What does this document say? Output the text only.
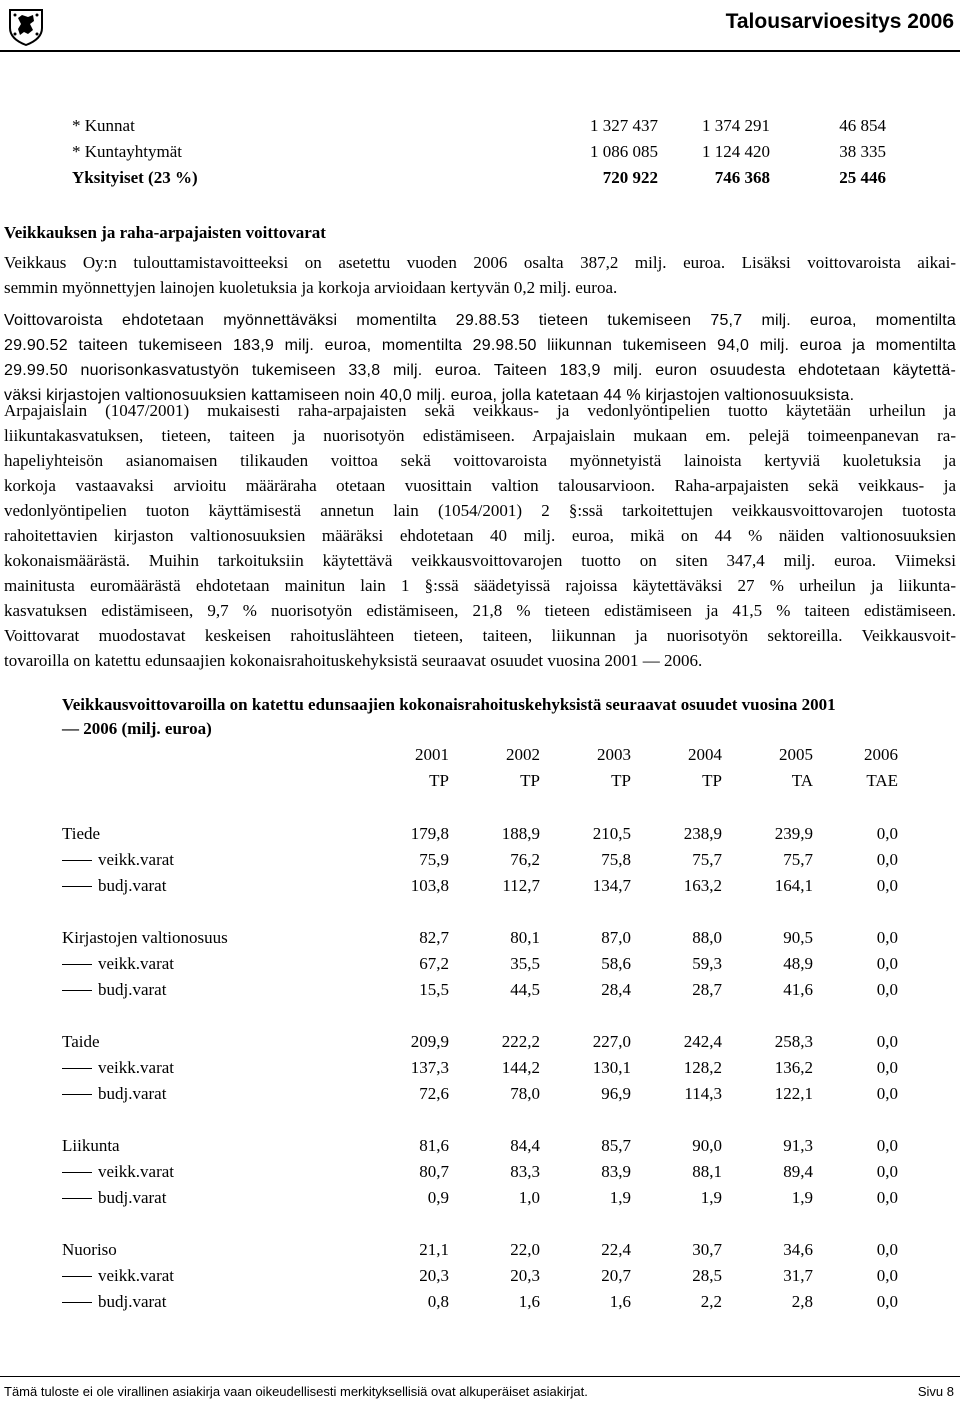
Talousarvioesitys 2006
* Kunnat	1 327 437	1 374 291	46 854
* Kuntayhtymät	1 086 085	1 124 420	38 335
Yksityiset (23 %)	720 922	746 368	25 446
Veikkauksen ja raha-arpajaisten voittovarat
Veikkaus Oy:n tulouttamistavoitteeksi on asetettu vuoden 2006 osalta 387,2 milj. euroa. Lisäksi voittovaroista aikai-
semmin myönnettyjen lainojen kuoletuksia ja korkoja arvioidaan kertyvän 0,2 milj. euroa.
Voittovaroista ehdotetaan myönnettäväksi momentilta 29.88.53 tieteen tukemiseen 75,7 milj. euroa, momentilta
29.90.52 taiteen tukemiseen 183,9 milj. euroa, momentilta 29.98.50 liikunnan tukemiseen 94,0 milj. euroa ja momentilta
29.99.50 nuorisonkasvatustyön tukemiseen 33,8 milj. euroa. Taiteen 183,9 milj. euron osuudesta ehdotetaan käytettä-
väksi kirjastojen valtionosuuksien kattamiseen noin 40,0 milj. euroa, jolla katetaan 44 % kirjastojen valtionosuuksista.
Arpajaislain (1047/2001) mukaisesti raha-arpajaisten sekä veikkaus- ja vedonlyöntipelien tuotto käytetään urheilun ja
liikuntakasvatuksen, tieteen, taiteen ja nuorisotyön edistämiseen. Arpajaislain mukaan em. pelejä toimeenpanevan ra-
hapeliyhteisön asianomaisen tilikauden voittoa sekä voittovaroista myönnetyistä lainoista kertyviä kuoletuksia ja
korkoja vastaavaksi arvioitu määräraha otetaan vuosittain valtion talousarvioon. Raha-arpajaisten sekä veikkaus- ja
vedonlyöntipelien tuoton käyttämisestä annetun lain (1054/2001) 2 §:ssä tarkoitettujen veikkausvoittovarojen tuotosta
rahoitettavien kirjaston valtionosuuksien määräksi ehdotetaan 40 milj. euroa, mikä on 44 % näiden valtionosuuksien
kokonaismäärästä. Muihin tarkoituksiin käytettävä veikkausvoittovarojen tuotto on siten 347,4 milj. euroa. Viimeksi
mainitusta euromäärästä ehdotetaan mainitun lain 1 §:ssä säädetyissä rajoissa käytettäväksi 27 % urheilun ja liikunta-
kasvatuksen edistämiseen, 9,7 % nuorisotyön edistämiseen, 21,8 % tieteen edistämiseen ja 41,5 % taiteen edistämiseen.
Voittovarat muodostavat keskeisen rahoituslähteen tieteen, taiteen, liikunnan ja nuorisotyön sektoreilla. Veikkausvoit-
tovaroilla on katettu edunsaajien kokonaisrahoituskehyksistä seuraavat osuudet vuosina 2001 — 2006.
Veikkausvoittovaroilla on katettu edunsaajien kokonaisrahoituskehyksistä seuraavat osuudet vuosina 2001
— 2006 (milj. euroa)
2001	2002	2003	2004	2005	2006
TP	TP	TP	TP	TA	TAE
Tiede	179,8	188,9	210,5	238,9	239,9	0,0
veikk.varat	75,9	76,2	75,8	75,7	75,7	0,0
budj.varat	103,8	112,7	134,7	163,2	164,1	0,0
Kirjastojen valtionosuus	82,7	80,1	87,0	88,0	90,5	0,0
veikk.varat	67,2	35,5	58,6	59,3	48,9	0,0
budj.varat	15,5	44,5	28,4	28,7	41,6	0,0
Taide	209,9	222,2	227,0	242,4	258,3	0,0
veikk.varat	137,3	144,2	130,1	128,2	136,2	0,0
budj.varat	72,6	78,0	96,9	114,3	122,1	0,0
Liikunta	81,6	84,4	85,7	90,0	91,3	0,0
veikk.varat	80,7	83,3	83,9	88,1	89,4	0,0
budj.varat	0,9	1,0	1,9	1,9	1,9	0,0
Nuoriso	21,1	22,0	22,4	30,7	34,6	0,0
veikk.varat	20,3	20,3	20,7	28,5	31,7	0,0
budj.varat	0,8	1,6	1,6	2,2	2,8	0,0
Tämä tuloste ei ole virallinen asiakirja vaan oikeudellisesti merkityksellisiä ovat alkuperäiset asiakirjat.	Sivu 8
